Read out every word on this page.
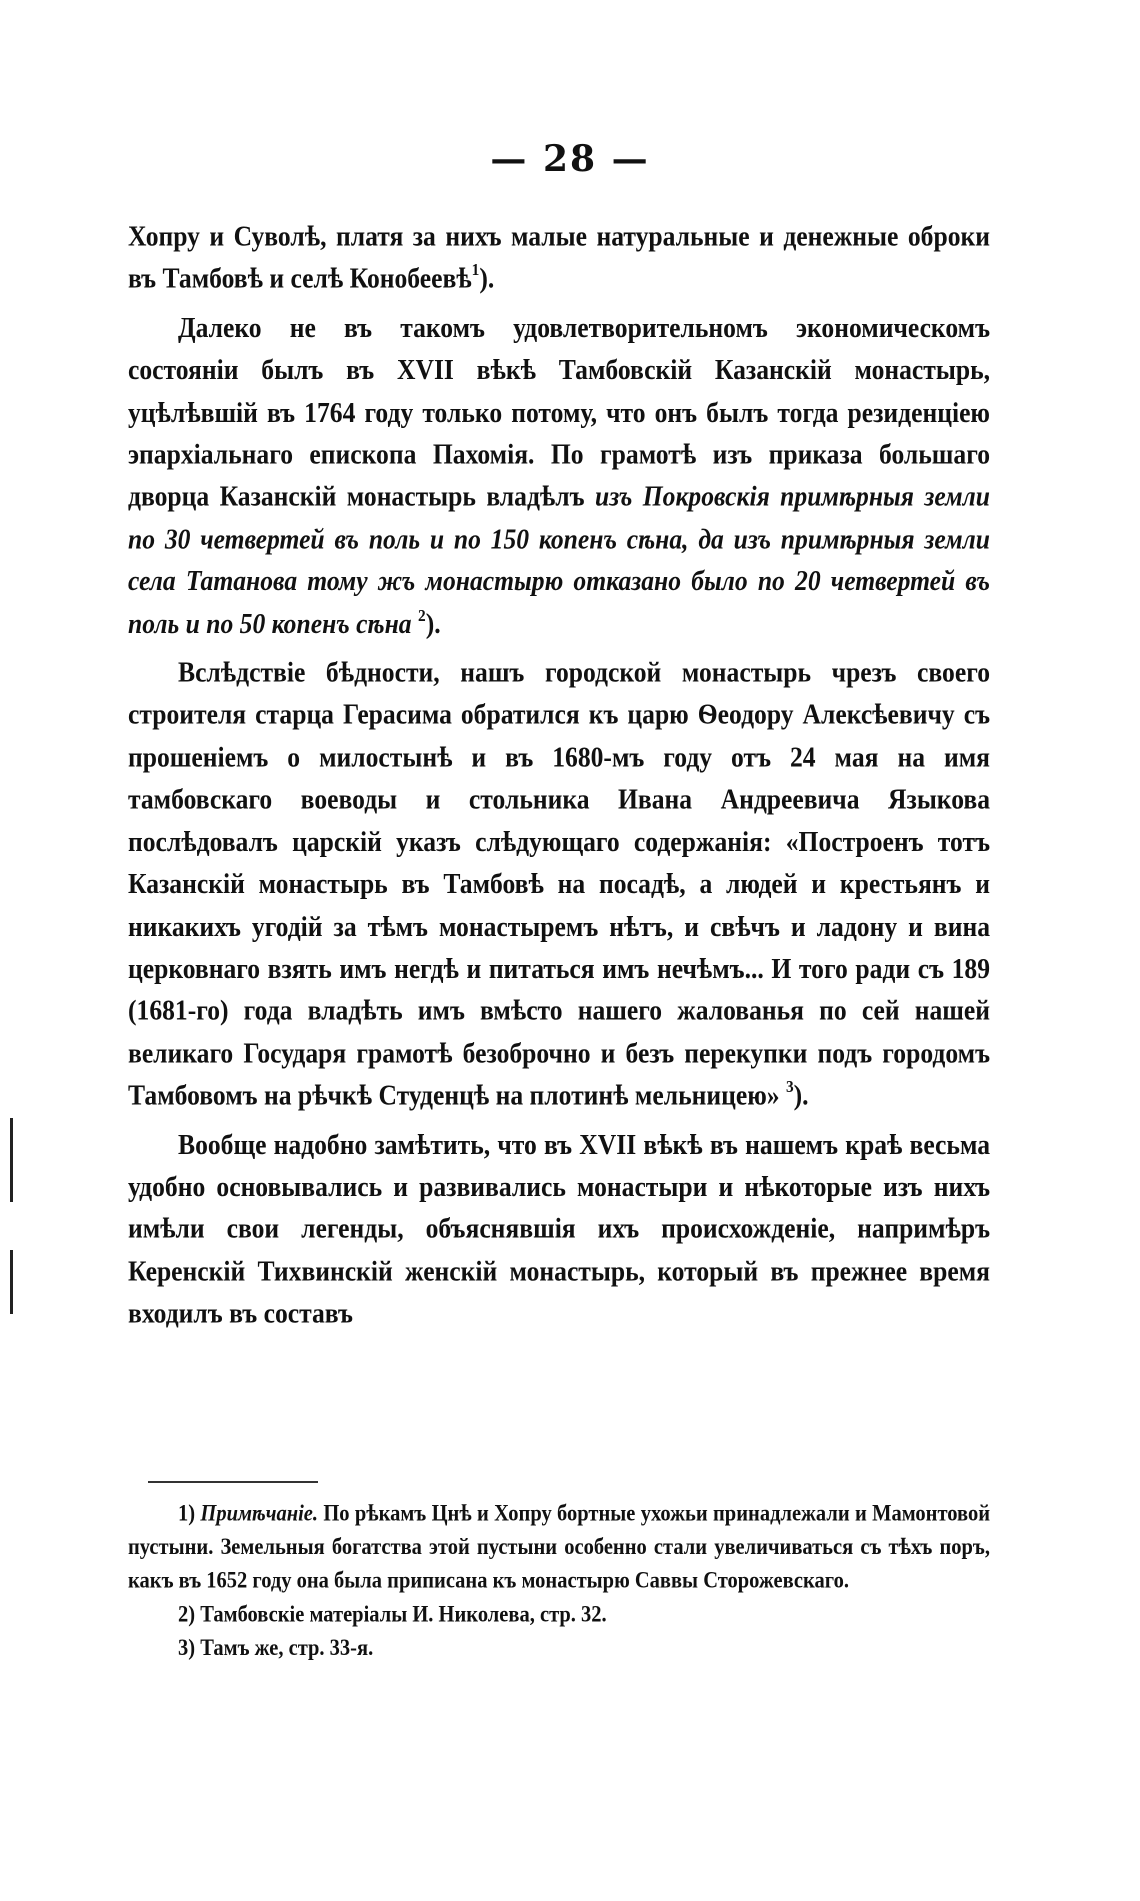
— 28 —

Хопру и Суволѣ, платя за нихъ малые натуральные и денежные оброки въ Тамбовѣ и селѣ Конобеевѣ$^1$).

Далеко не въ такомъ удовлетворительномъ экономическомъ состояніи былъ въ XVII вѣкѣ Тамбовскій Казанскій монастырь, уцѣлѣвшій въ 1764 году только потому, что онъ былъ тогда резиденціею эпархіальнаго епископа Пахомія. По грамотѣ изъ приказа большаго дворца Казанскій монастырь владѣлъ изъ Покровскія примѣрныя земли по 30 четвертей въ поль и по 150 копенъ сѣна, да изъ примѣрныя земли села Татанова тому жъ монастырю отказано было по 20 четвертей въ поль и по 50 копенъ сѣна $^2$).

Вслѣдствіе бѣдности, нашъ городской монастырь чрезъ своего строителя старца Герасима обратился къ царю Ѳеодору Алексѣевичу съ прошеніемъ о милостынѣ и въ 1680-мъ году отъ 24 мая на имя тамбовскаго воеводы и стольника Ивана Андреевича Языкова послѣдовалъ царскій указъ слѣдующаго содержанія: «Построенъ тотъ Казанскій монастырь въ Тамбовѣ на посадѣ, а людей и крестьянъ и никакихъ угодій за тѣмъ монастыремъ нѣтъ, и свѣчъ и ладону и вина церковнаго взять имъ негдѣ и питаться имъ нечѣмъ... И того ради съ 189 (1681-го) года владѣть имъ вмѣсто нашего жалованья по сей нашей великаго Государя грамотѣ безоброчно и безъ перекупки подъ городомъ Тамбовомъ на рѣчкѣ Студенцѣ на плотинѣ мельницею» $^3$).

Вообще надобно замѣтить, что въ XVII вѣкѣ въ нашемъ краѣ весьма удобно основывались и развивались монастыри и нѣкоторые изъ нихъ имѣли свои легенды, объяснявшія ихъ происхожденіе, напримѣръ Керенскій Тихвинскій женскій монастырь, который въ прежнее время входилъ въ составъ

1) Примѣчаніе. По рѣкамъ Цнѣ и Хопру бортные ухожьи принадлежали и Мамонтовой пустыни. Земельныя богатства этой пустыни особенно стали увеличиваться съ тѣхъ поръ, какъ въ 1652 году она была приписана къ монастырю Саввы Сторожевскаго.

2) Тамбовскіе матеріалы И. Николева, стр. 32.

3) Тамъ же, стр. 33-я.
